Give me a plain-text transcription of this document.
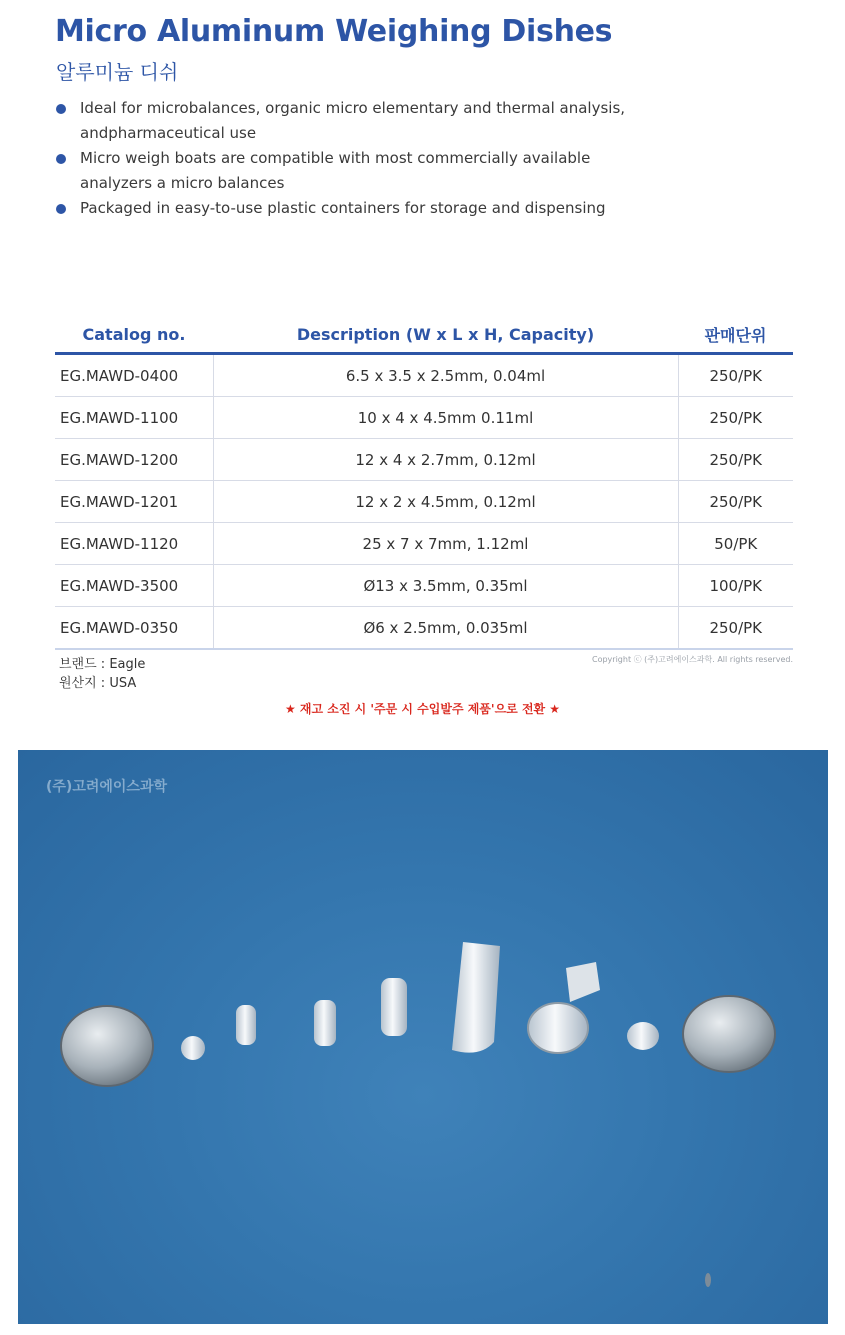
Micro Aluminum Weighing Dishes
알루미늄 디쉬
Ideal for microbalances, organic micro elementary and thermal analysis, andpharmaceutical use
Micro weigh boats are compatible with most commercially available analyzers a micro balances
Packaged in easy-to-use plastic containers for storage and dispensing
Catalog no.	Description (W x L x H, Capacity)	판매단위
EG.MAWD-0400	6.5 x 3.5 x 2.5mm, 0.04ml	250/PK
EG.MAWD-1100	10 x 4 x 4.5mm 0.11ml	250/PK
EG.MAWD-1200	12 x 4 x 2.7mm, 0.12ml	250/PK
EG.MAWD-1201	12 x 2 x 4.5mm, 0.12ml	250/PK
EG.MAWD-1120	25 x 7 x 7mm, 1.12ml	50/PK
EG.MAWD-3500	Ø13 x 3.5mm, 0.35ml	100/PK
EG.MAWD-0350	Ø6 x 2.5mm, 0.035ml	250/PK
브랜드 : Eagle
원산지 : USA
Copyright ⓒ (주)고려에이스과학. All rights reserved.
★ 재고 소진 시 '주문 시 수입발주 제품'으로 전환 ★
(주)고려에이스과학
